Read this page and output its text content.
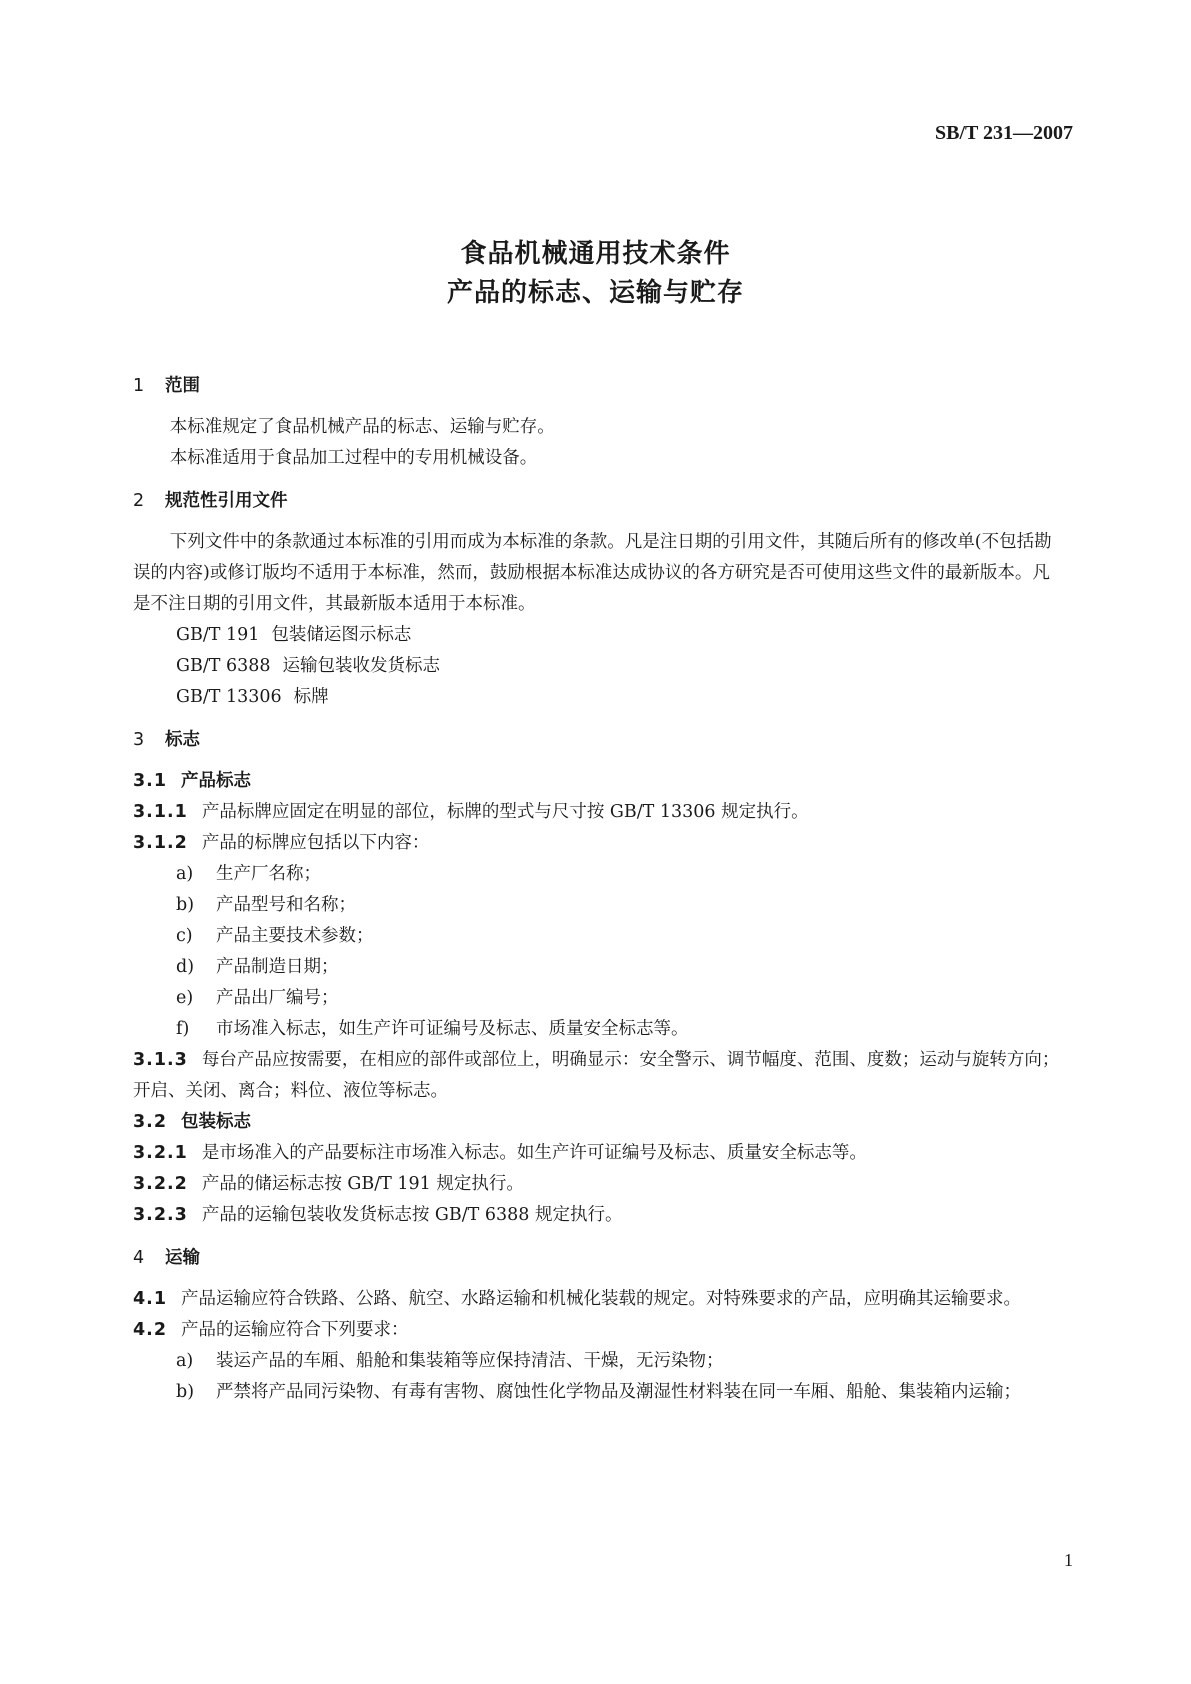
SB/T 231—2007
食品机械通用技术条件
产品的标志、运输与贮存
1 范围

本标准规定了食品机械产品的标志、运输与贮存。

本标准适用于食品加工过程中的专用机械设备。

2 规范性引用文件

下列文件中的条款通过本标准的引用而成为本标准的条款。凡是注日期的引用文件，其随后所有的修改单(不包括勘误的内容)或修订版均不适用于本标准，然而，鼓励根据本标准达成协议的各方研究是否可使用这些文件的最新版本。凡是不注日期的引用文件，其最新版本适用于本标准。

GB/T 191 包装储运图示标志

GB/T 6388 运输包装收发货标志

GB/T 13306 标牌

3 标志

3.1 产品标志

3.1.1 产品标牌应固定在明显的部位，标牌的型式与尺寸按 GB/T 13306 规定执行。

3.1.2 产品的标牌应包括以下内容：

a)	生产厂名称；

b)	产品型号和名称；

c)	产品主要技术参数；

d)	产品制造日期；

e)	产品出厂编号；

f)	市场准入标志，如生产许可证编号及标志、质量安全标志等。

3.1.3 每台产品应按需要，在相应的部件或部位上，明确显示：安全警示、调节幅度、范围、度数；运动与旋转方向；开启、关闭、离合；料位、液位等标志。

3.2 包装标志

3.2.1 是市场准入的产品要标注市场准入标志。如生产许可证编号及标志、质量安全标志等。

3.2.2 产品的储运标志按 GB/T 191 规定执行。

3.2.3 产品的运输包装收发货标志按 GB/T 6388 规定执行。

4 运输

4.1 产品运输应符合铁路、公路、航空、水路运输和机械化装载的规定。对特殊要求的产品，应明确其运输要求。

4.2 产品的运输应符合下列要求：

a)	装运产品的车厢、船舱和集装箱等应保持清洁、干燥，无污染物；

b)	严禁将产品同污染物、有毒有害物、腐蚀性化学物品及潮湿性材料装在同一车厢、船舱、集装箱内运输；

1
